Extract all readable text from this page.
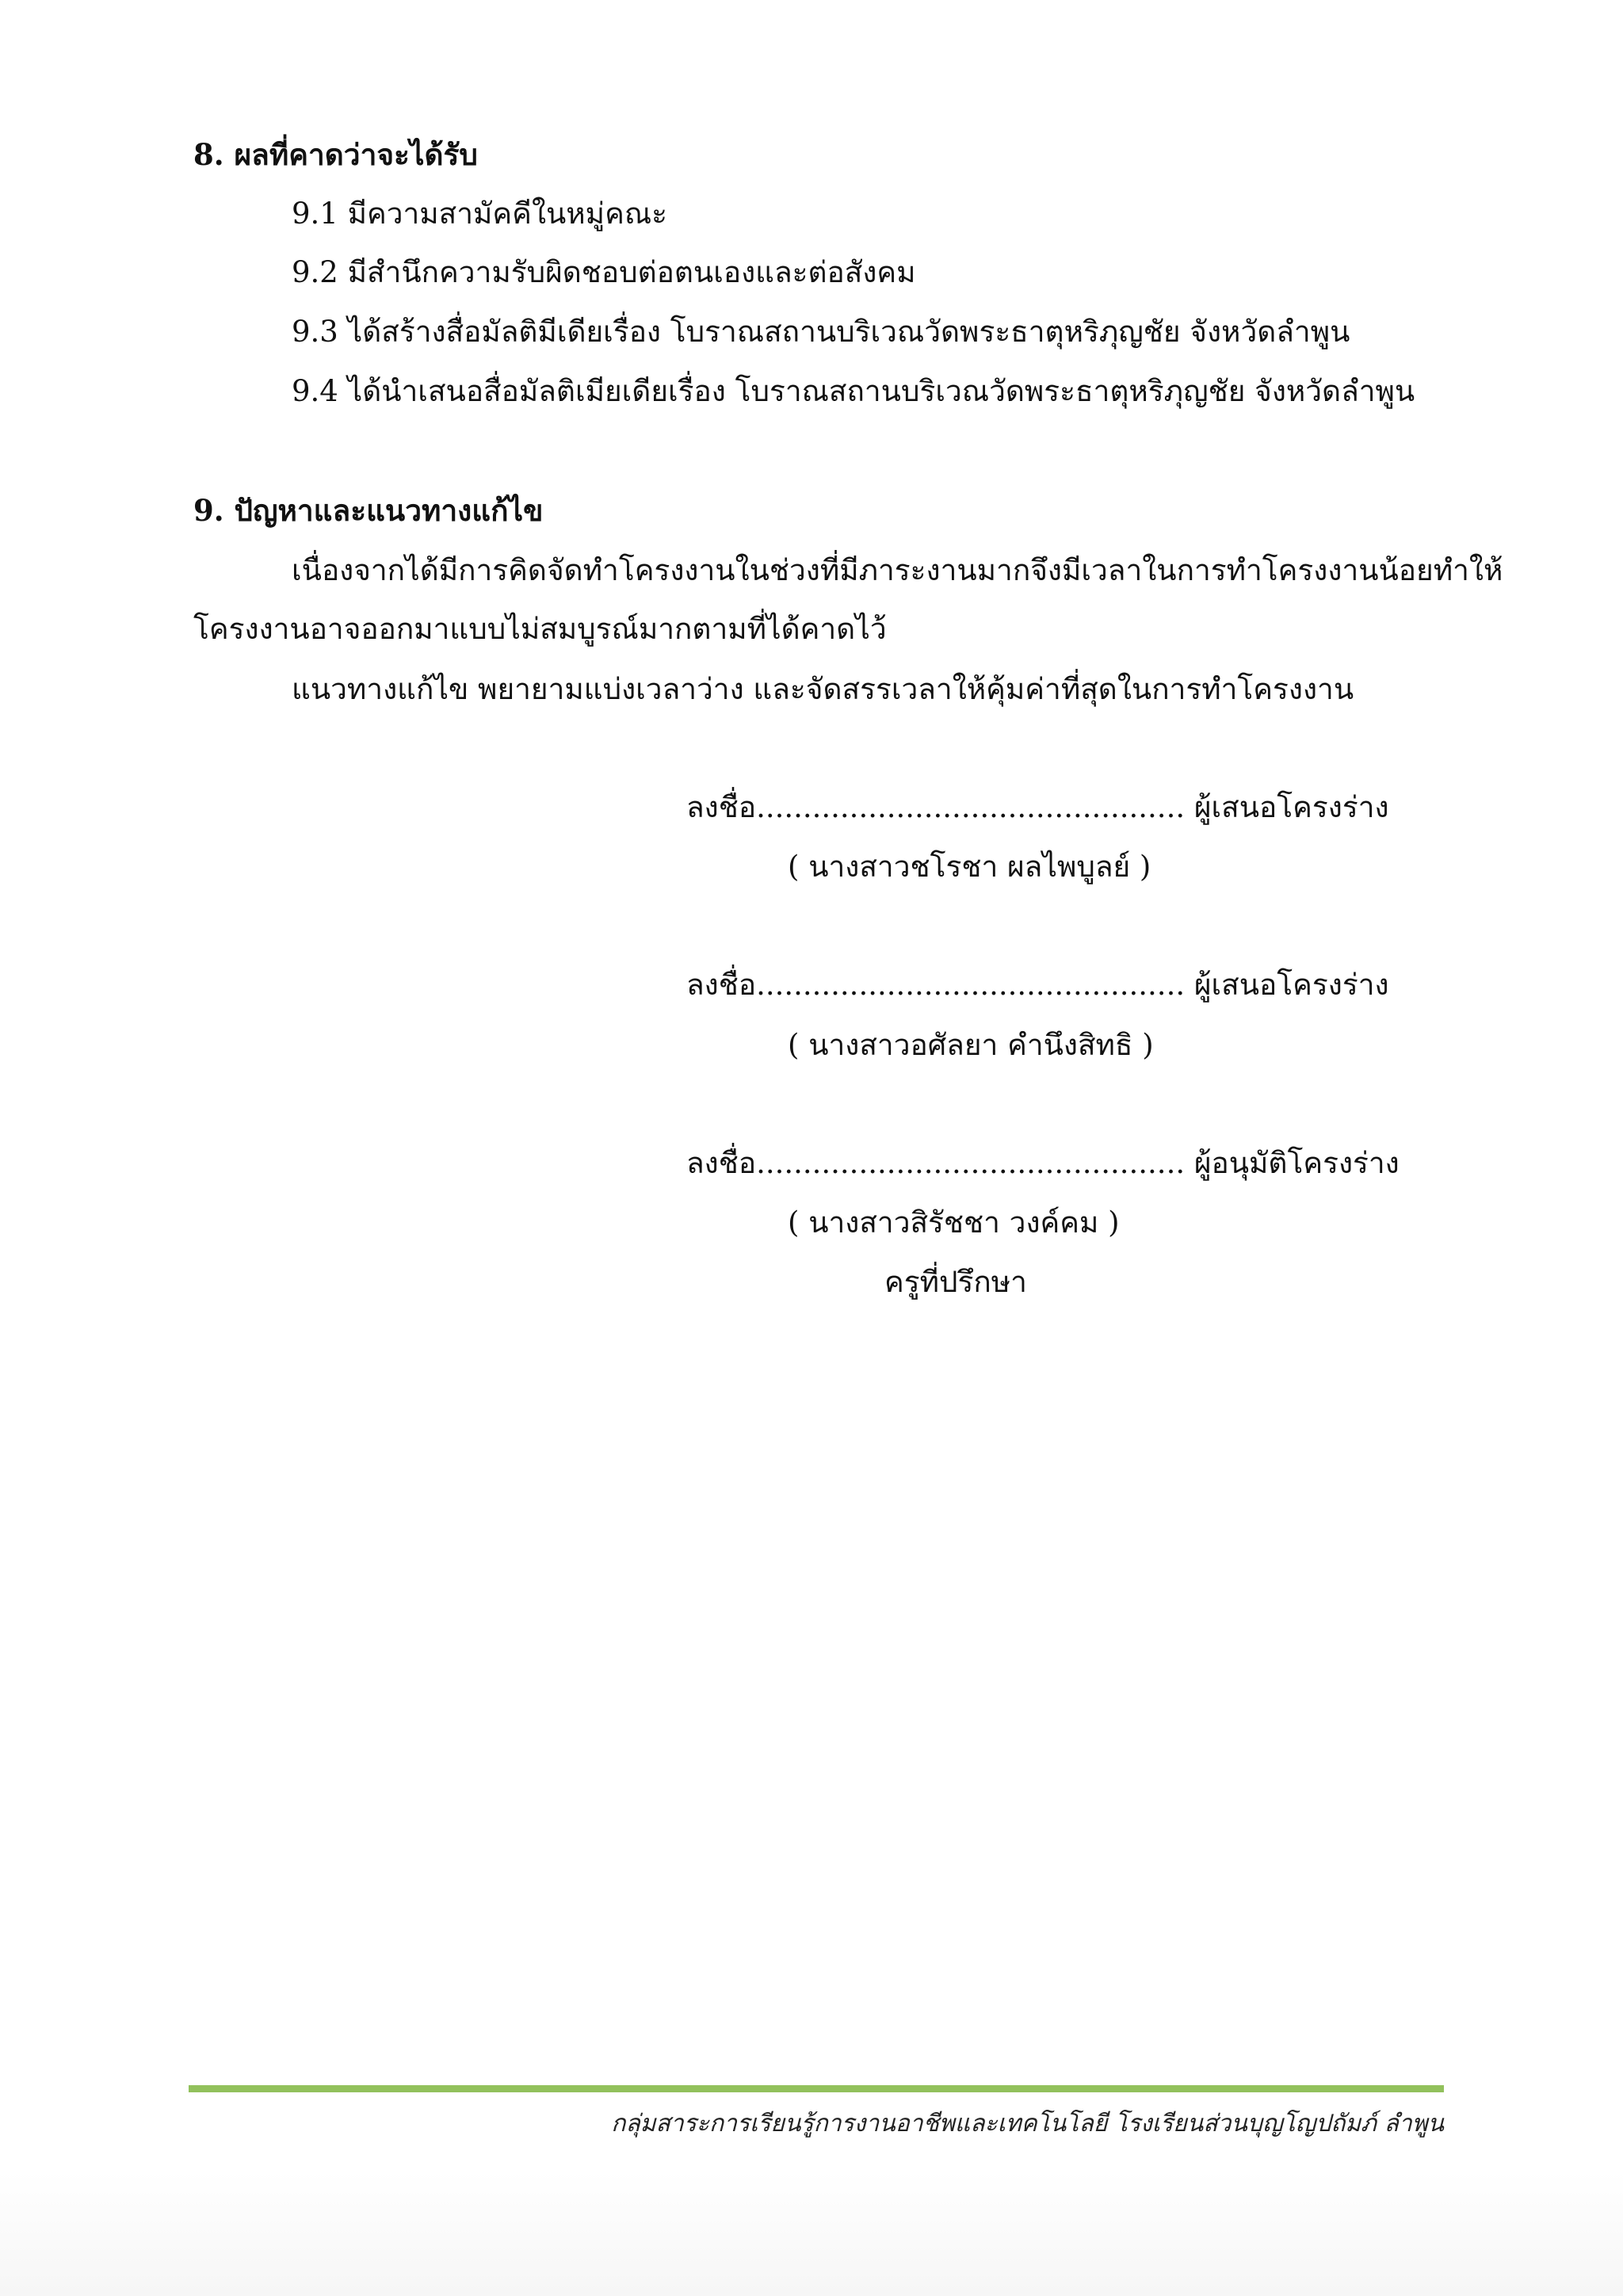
8. ผลที่คาดว่าจะได้รับ
9.1 มีความสามัคคีในหมู่คณะ
9.2 มีสำนึกความรับผิดชอบต่อตนเองและต่อสังคม
9.3 ได้สร้างสื่อมัลติมีเดียเรื่อง โบราณสถานบริเวณวัดพระธาตุหริภุญชัย จังหวัดลำพูน
9.4 ได้นำเสนอสื่อมัลติเมียเดียเรื่อง โบราณสถานบริเวณวัดพระธาตุหริภุญชัย จังหวัดลำพูน
9. ปัญหาและแนวทางแก้ไข
เนื่องจากได้มีการคิดจัดทำโครงงานในช่วงที่มีภาระงานมากจึงมีเวลาในการทำโครงงานน้อยทำให้
โครงงานอาจออกมาแบบไม่สมบูรณ์มากตามที่ได้คาดไว้
แนวทางแก้ไข พยายามแบ่งเวลาว่าง และจัดสรรเวลาให้คุ้มค่าที่สุดในการทำโครงงาน
ลงชื่อ.............................................. ผู้เสนอโครงร่าง
( นางสาวชโรชา ผลไพบูลย์ )
ลงชื่อ.............................................. ผู้เสนอโครงร่าง
( นางสาวอศัลยา คำนึงสิทธิ )
ลงชื่อ.............................................. ผู้อนุมัติโครงร่าง
( นางสาวสิรัชชา วงค์คม )
ครูที่ปรึกษา
กลุ่มสาระการเรียนรู้การงานอาชีพและเทคโนโลยี โรงเรียนส่วนบุญโญปถัมภ์ ลำพูน
